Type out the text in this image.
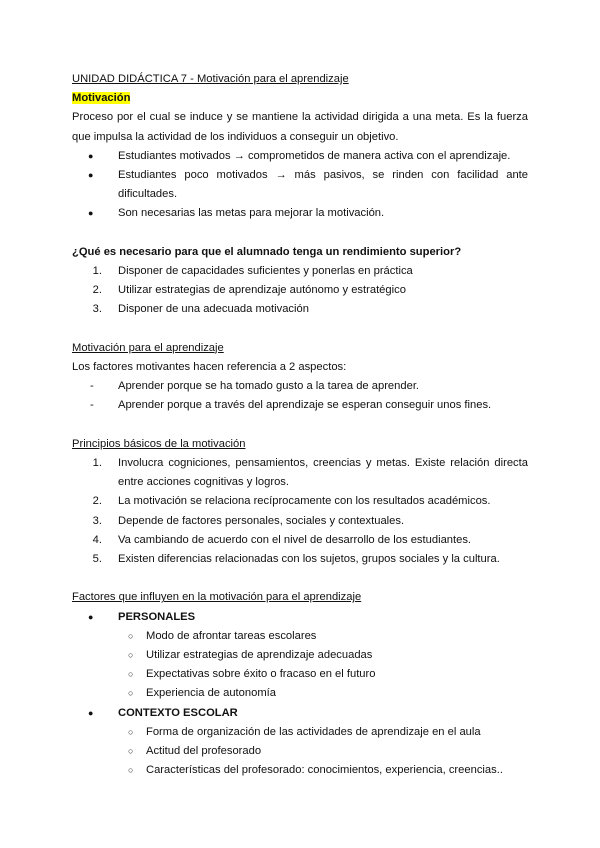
UNIDAD DIDÁCTICA 7 - Motivación para el aprendizaje

Motivación

Proceso por el cual se induce y se mantiene la actividad dirigida a una meta. Es la fuerza que impulsa la actividad de los individuos a conseguir un objetivo.

● Estudiantes motivados → comprometidos de manera activa con el aprendizaje.
● Estudiantes poco motivados → más pasivos, se rinden con facilidad ante dificultades.
● Son necesarias las metas para mejorar la motivación.

¿Qué es necesario para que el alumnado tenga un rendimiento superior?

1. Disponer de capacidades suficientes y ponerlas en práctica
2. Utilizar estrategias de aprendizaje autónomo y estratégico
3. Disponer de una adecuada motivación

Motivación para el aprendizaje

Los factores motivantes hacen referencia a 2 aspectos:

- Aprender porque se ha tomado gusto a la tarea de aprender.
- Aprender porque a través del aprendizaje se esperan conseguir unos fines.

Principios básicos de la motivación

1. Involucra cogniciones, pensamientos, creencias y metas. Existe relación directa entre acciones cognitivas y logros.
2. La motivación se relaciona recíprocamente con los resultados académicos.
3. Depende de factores personales, sociales y contextuales.
4. Va cambiando de acuerdo con el nivel de desarrollo de los estudiantes.
5. Existen diferencias relacionadas con los sujetos, grupos sociales y la cultura.

Factores que influyen en la motivación para el aprendizaje

● PERSONALES
○ Modo de afrontar tareas escolares
○ Utilizar estrategias de aprendizaje adecuadas
○ Expectativas sobre éxito o fracaso en el futuro
○ Experiencia de autonomía
● CONTEXTO ESCOLAR
○ Forma de organización de las actividades de aprendizaje en el aula
○ Actitud del profesorado
○ Características del profesorado: conocimientos, experiencia, creencias..
